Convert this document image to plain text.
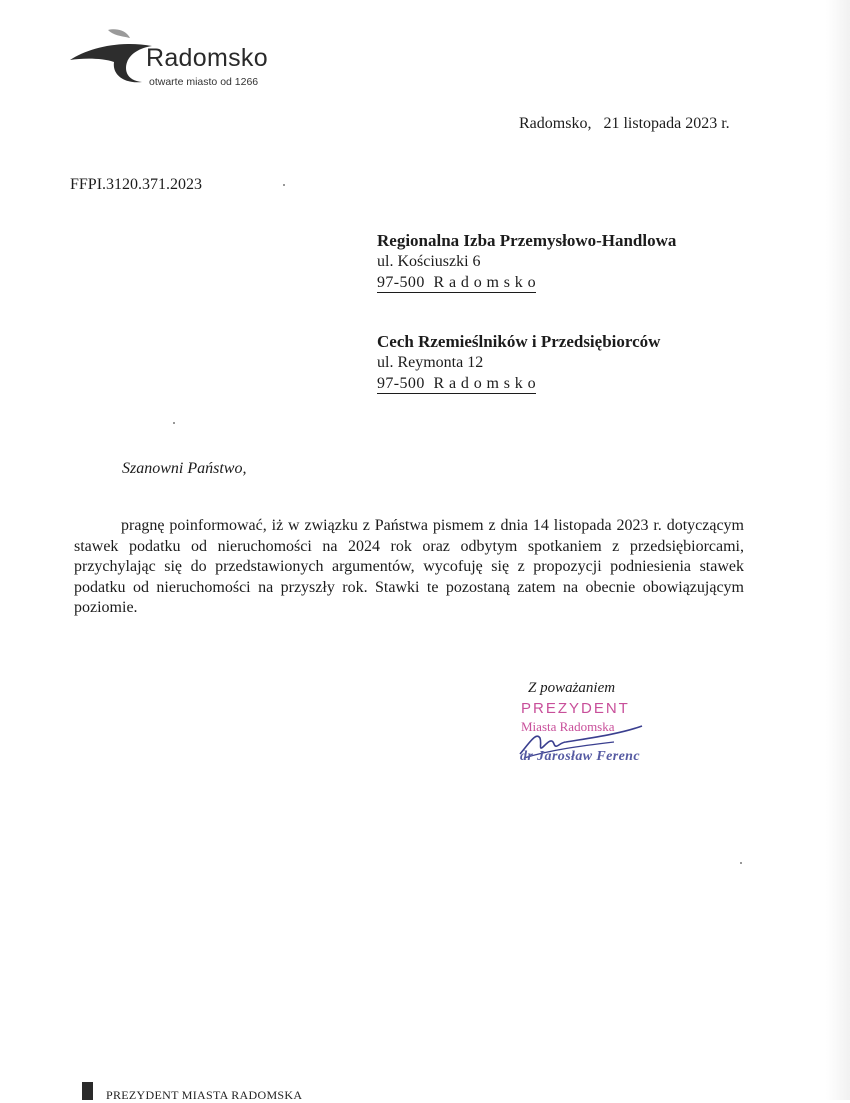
Radomsko
otwarte miasto od 1266
Radomsko,   21 listopada 2023 r.
FFPI.3120.371.2023
Regionalna Izba Przemysłowo-Handlowa
ul. Kościuszki 6
97-500  R a d o m s k o
Cech Rzemieślników i Przedsiębiorców
ul. Reymonta 12
97-500  R a d o m s k o
Szanowni Państwo,

pragnę poinformować, iż w związku z Państwa pismem z dnia 14 listopada 2023 r. dotyczącym stawek podatku od nieruchomości na 2024 rok oraz odbytym spotkaniem z przedsiębiorcami, przychylając się do przedstawionych argumentów, wycofuję się z propozycji podniesienia stawek podatku od nieruchomości na przyszły rok. Stawki te pozostaną zatem na obecnie obowiązującym poziomie.

Z poważaniem
PREZYDENT
Miasta Radomska
dr Jarosław Ferenc
PREZYDENT MIASTA RADOMSKA
